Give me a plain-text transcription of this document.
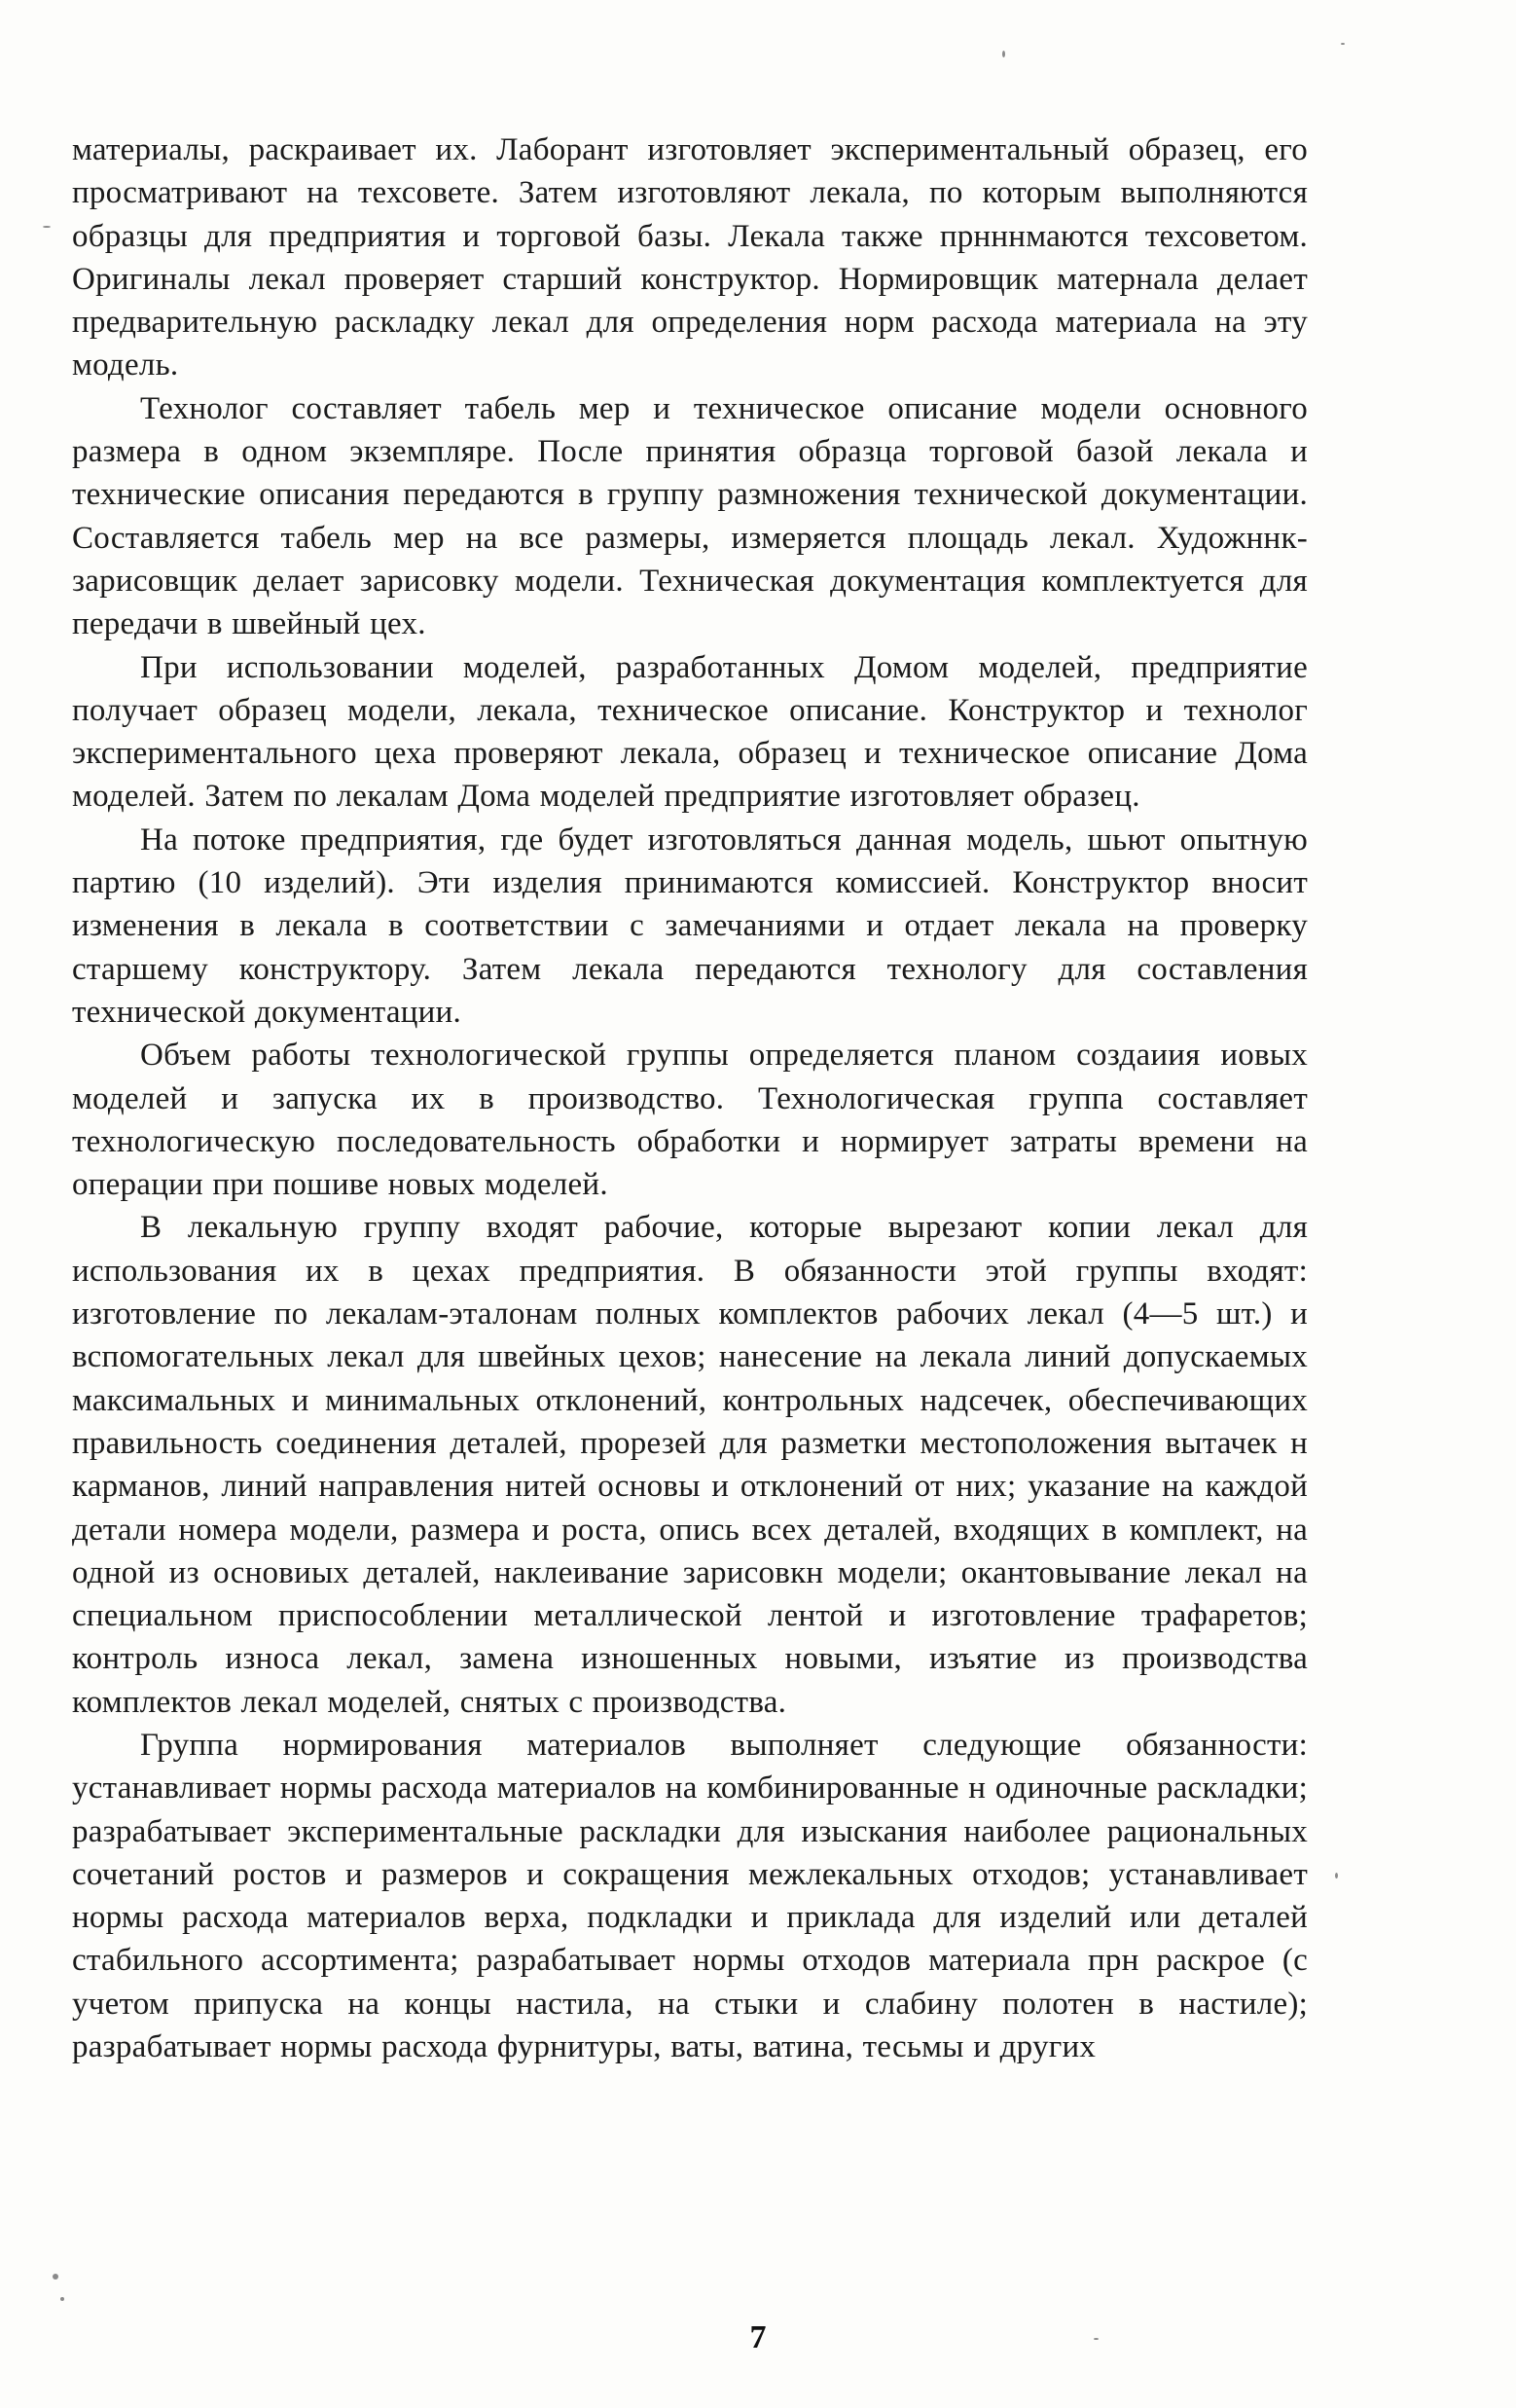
материалы, раскраивает их. Лаборант изготовляет экспериментальный образец, его просматривают на техсовете. Затем изготовляют лекала, по которым выполняются образцы для предприятия и торговой базы. Лекала также прнннмаются техсоветом. Оригиналы лекал проверяет старший конструктор. Нормировщик матернала делает предварительную раскладку лекал для определения норм расхода материала на эту модель.

Технолог составляет табель мер и техническое описание модели основного размера в одном экземпляре. После принятия образца торговой базой лекала и технические описания передаются в группу размножения технической документации. Составляется табель мер на все размеры, измеряется площадь лекал. Художннк-зарисовщик делает зарисовку модели. Техническая документация комплектуется для передачи в швейный цех.

При использовании моделей, разработанных Домом моделей, предприятие получает образец модели, лекала, техническое описание. Конструктор и технолог экспериментального цеха проверяют лекала, образец и техническое описание Дома моделей. Затем по лекалам Дома моделей предприятие изготовляет образец.

На потоке предприятия, где будет изготовляться данная модель, шьют опытную партию (10 изделий). Эти изделия принимаются комиссией. Конструктор вносит изменения в лекала в соответствии с замечаниями и отдает лекала на проверку старшему конструктору. Затем лекала передаются технологу для составления технической документации.

Объем работы технологической группы определяется планом создаиия иовых моделей и запуска их в производство. Технологическая группа составляет технологическую последовательность обработки и нормирует затраты времени на операции при пошиве новых моделей.

В лекальную группу входят рабочие, которые вырезают копии лекал для использования их в цехах предприятия. В обязанности этой группы входят: изготовление по лекалам-эталонам полных комплектов рабочих лекал (4—5 шт.) и вспомогательных лекал для швейных цехов; нанесение на лекала линий допускаемых максимальных и минимальных отклонений, контрольных надсечек, обеспечивающих правильность соединения деталей, прорезей для разметки местоположения вытачек н карманов, линий направления нитей основы и отклонений от них; указание на каждой детали номера модели, размера и роста, опись всех деталей, входящих в комплект, на одной из основиых деталей, наклеивание зарисовкн модели; окантовывание лекал на специальном приспособлении металлической лентой и изготовление трафаретов; контроль износа лекал, замена изношенных новыми, изъятие из производства комплектов лекал моделей, снятых с производства.

Группа нормирования материалов выполняет следующие обязанности: устанавливает нормы расхода материалов на комбинированные н одиночные раскладки; разрабатывает экспериментальные раскладки для изыскания наиболее рациональных сочетаний ростов и размеров и сокращения межлекальных отходов; устанавливает нормы расхода материалов верха, подкладки и приклада для изделий или деталей стабильного ассортимента; разрабатывает нормы отходов материала прн раскрое (с учетом припуска на концы настила, на стыки и слабину полотен в настиле); разрабатывает нормы расхода фурнитуры, ваты, ватина, тесьмы и других

7
